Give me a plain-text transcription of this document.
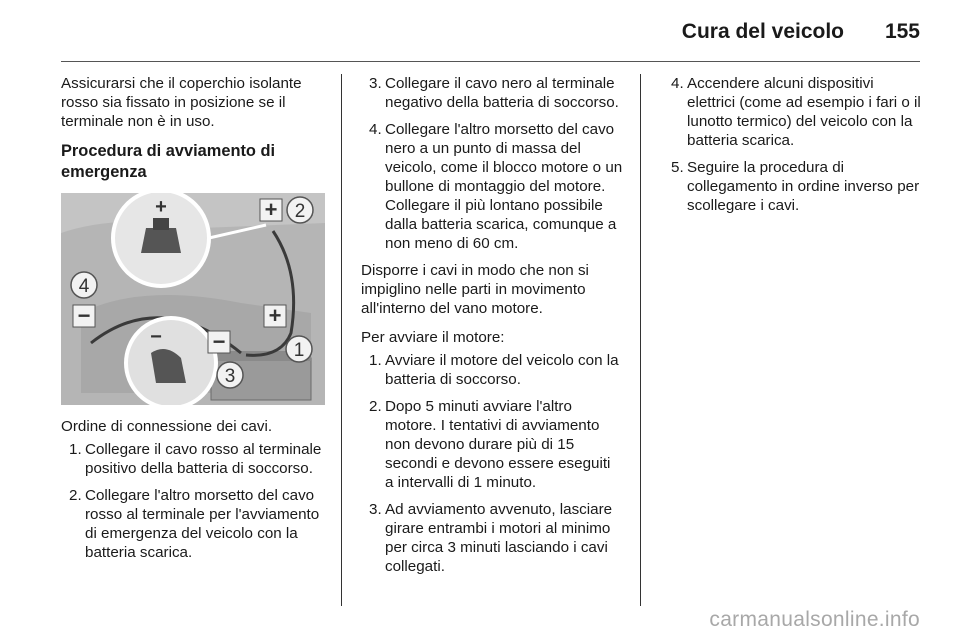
Cura del veicolo 155

Assicurarsi che il coperchio isolante rosso sia fissato in posizione se il terminale non è in uso.

Procedura di avviamento di emergenza
+
−
+
−	+
−
2
4
1
3

Ordine di connessione dei cavi.

1. Collegare il cavo rosso al terminale positivo della batteria di soccorso.
2. Collegare l'altro morsetto del cavo rosso al terminale per l'avviamento di emergenza del veicolo con la batteria scarica.
3. Collegare il cavo nero al terminale negativo della batteria di soccorso.
4. Collegare l'altro morsetto del cavo nero a un punto di massa del veicolo, come il blocco motore o un bullone di montaggio del motore. Collegare il più lontano possibile dalla batteria scarica, comunque a non meno di 60 cm.

Disporre i cavi in modo che non si impiglino nelle parti in movimento all'interno del vano motore.

Per avviare il motore:

1. Avviare il motore del veicolo con la batteria di soccorso.
2. Dopo 5 minuti avviare l'altro motore. I tentativi di avviamento non devono durare più di 15 secondi e devono essere eseguiti a intervalli di 1 minuto.
3. Ad avviamento avvenuto, lasciare girare entrambi i motori al minimo per circa 3 minuti lasciando i cavi collegati.
4. Accendere alcuni dispositivi elettrici (come ad esempio i fari o il lunotto termico) del veicolo con la batteria scarica.
5. Seguire la procedura di collegamento in ordine inverso per scollegare i cavi.
carmanualsonline.info
